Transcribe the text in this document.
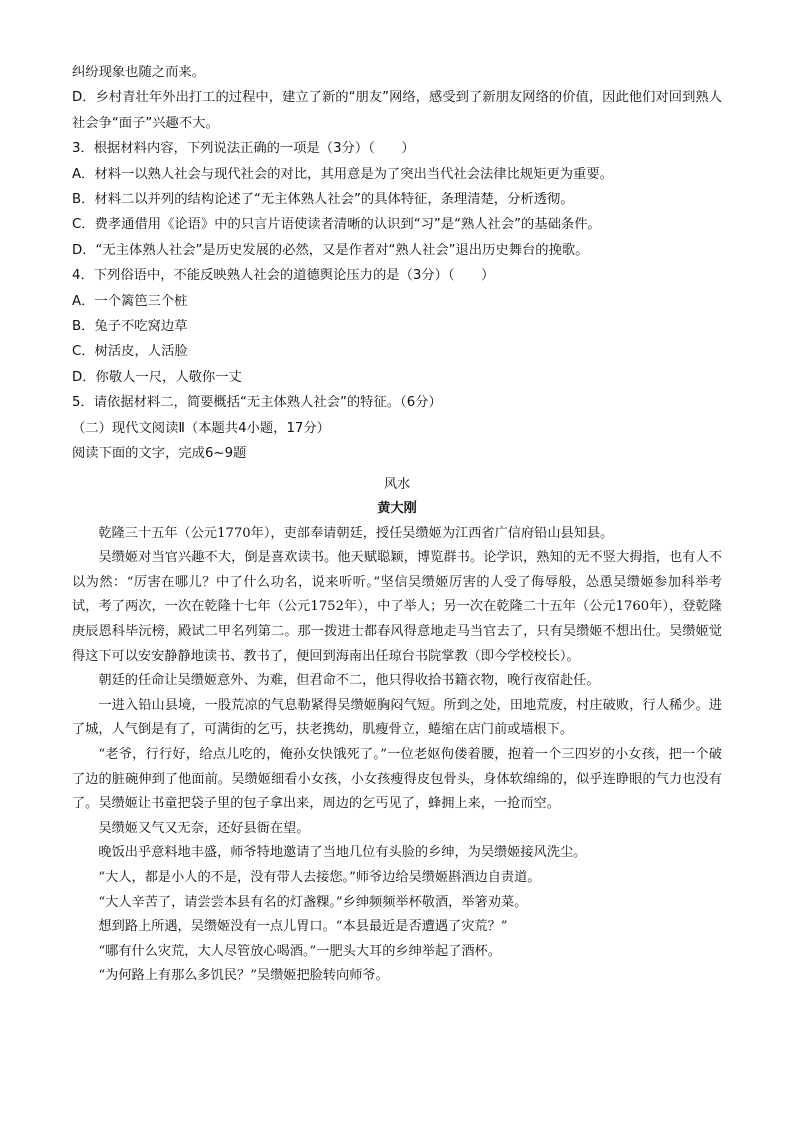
纠纷现象也随之而来。

D．乡村青壮年外出打工的过程中，建立了新的“朋友”网络，感受到了新朋友网络的价值，因此他们对回到熟人社会争“面子”兴趣不大。

3．根据材料内容，下列说法正确的一项是（3分）（　　）

A．材料一以熟人社会与现代社会的对比，其用意是为了突出当代社会法律比规矩更为重要。

B．材料二以并列的结构论述了“无主体熟人社会”的具体特征，条理清楚，分析透彻。

C．费孝通借用《论语》中的只言片语使读者清晰的认识到“习”是“熟人社会”的基础条件。

D．“无主体熟人社会”是历史发展的必然，又是作者对“熟人社会”退出历史舞台的挽歌。

4．下列俗语中，不能反映熟人社会的道德舆论压力的是（3分）（　　）

A．一个篱笆三个桩

B．兔子不吃窝边草

C．树活皮，人活脸

D．你敬人一尺，人敬你一丈

5．请依据材料二，简要概括“无主体熟人社会”的特征。（6分）

（二）现代文阅读Ⅱ（本题共4小题，17分）

阅读下面的文字，完成6~9题

风水

黄大刚

乾隆三十五年（公元1770年），吏部奉请朝廷，授任吴缵姬为江西省广信府铅山县知县。

吴缵姬对当官兴趣不大，倒是喜欢读书。他天赋聪颖，博览群书。论学识，熟知的无不竖大拇指，也有人不以为然：“厉害在哪儿？中了什么功名，说来听听。”坚信吴缵姬厉害的人受了侮辱般，怂恿吴缵姬参加科举考试，考了两次，一次在乾隆十七年（公元1752年），中了举人；另一次在乾隆二十五年（公元1760年），登乾隆庚辰恩科毕沅榜，殿试二甲名列第二。那一拨进士都春风得意地走马当官去了，只有吴缵姬不想出仕。吴缵姬觉得这下可以安安静静地读书、教书了，便回到海南出任琼台书院掌教（即今学校校长）。

朝廷的任命让吴缵姬意外、为难，但君命不二，他只得收拾书籍衣物，晚行夜宿赴任。

一进入铅山县境，一股荒凉的气息勒紧得吴缵姬胸闷气短。所到之处，田地荒废，村庄破败，行人稀少。进了城，人气倒是有了，可满街的乞丐，扶老携幼，肌瘦骨立，蜷缩在店门前或墙根下。

“老爷，行行好，给点儿吃的，俺孙女快饿死了。”一位老妪佝偻着腰，抱着一个三四岁的小女孩，把一个破了边的脏碗伸到了他面前。吴缵姬细看小女孩，小女孩瘦得皮包骨头，身体软绵绵的，似乎连睁眼的气力也没有了。吴缵姬让书童把袋子里的包子拿出来，周边的乞丐见了，蜂拥上来，一抢而空。

吴缵姬又气又无奈，还好县衙在望。

晚饭出乎意料地丰盛，师爷特地邀请了当地几位有头脸的乡绅，为吴缵姬接风洗尘。

“大人，都是小人的不是，没有带人去接您。”师爷边给吴缵姬斟酒边自责道。

“大人辛苦了，请尝尝本县有名的灯盏粿。”乡绅频频举杯敬酒，举箸劝菜。

想到路上所遇，吴缵姬没有一点儿胃口。“本县最近是否遭遇了灾荒？”

“哪有什么灾荒，大人尽管放心喝酒。”一肥头大耳的乡绅举起了酒杯。

“为何路上有那么多饥民？”吴缵姬把脸转向师爷。
